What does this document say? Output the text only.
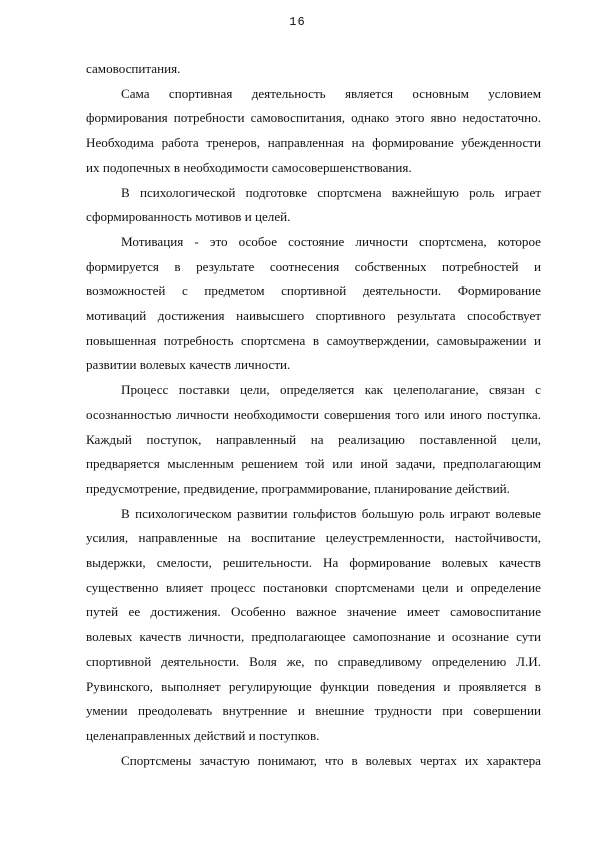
16
самовоспитания.
Сама спортивная деятельность является основным условием
формирования потребности самовоспитания, однако этого явно недостаточно.
Необходима работа тренеров, направленная на формирование убежденности
их подопечных в необходимости самосовершенствования.
В психологической подготовке спортсмена важнейшую роль играет
сформированность мотивов и целей.
Мотивация - это особое состояние личности спортсмена, которое
формируется в результате соотнесения собственных потребностей и
возможностей с предметом спортивной деятельности. Формирование
мотиваций достижения наивысшего спортивного результата способствует
повышенная потребность спортсмена в самоутверждении, самовыражении и
развитии волевых качеств личности.
Процесс поставки цели, определяется как целеполагание, связан с
осознанностью личности необходимости совершения того или иного поступка.
Каждый поступок, направленный на реализацию поставленной цели,
предваряется мысленным решением той или иной задачи, предполагающим
предусмотрение, предвидение, программирование, планирование действий.
В психологическом развитии гольфистов большую роль играют волевые
усилия, направленные на воспитание целеустремленности, настойчивости,
выдержки, смелости, решительности. На формирование волевых качеств
существенно влияет процесс постановки спортсменами цели и определение
путей ее достижения. Особенно важное значение имеет самовоспитание
волевых качеств личности, предполагающее самопознание и осознание сути
спортивной деятельности. Воля же, по справедливому определению Л.И.
Рувинского, выполняет регулирующие функции поведения и проявляется в
умении преодолевать внутренние и внешние трудности при совершении
целенаправленных действий и поступков.
Спортсмены зачастую понимают, что в волевых чертах их характера
